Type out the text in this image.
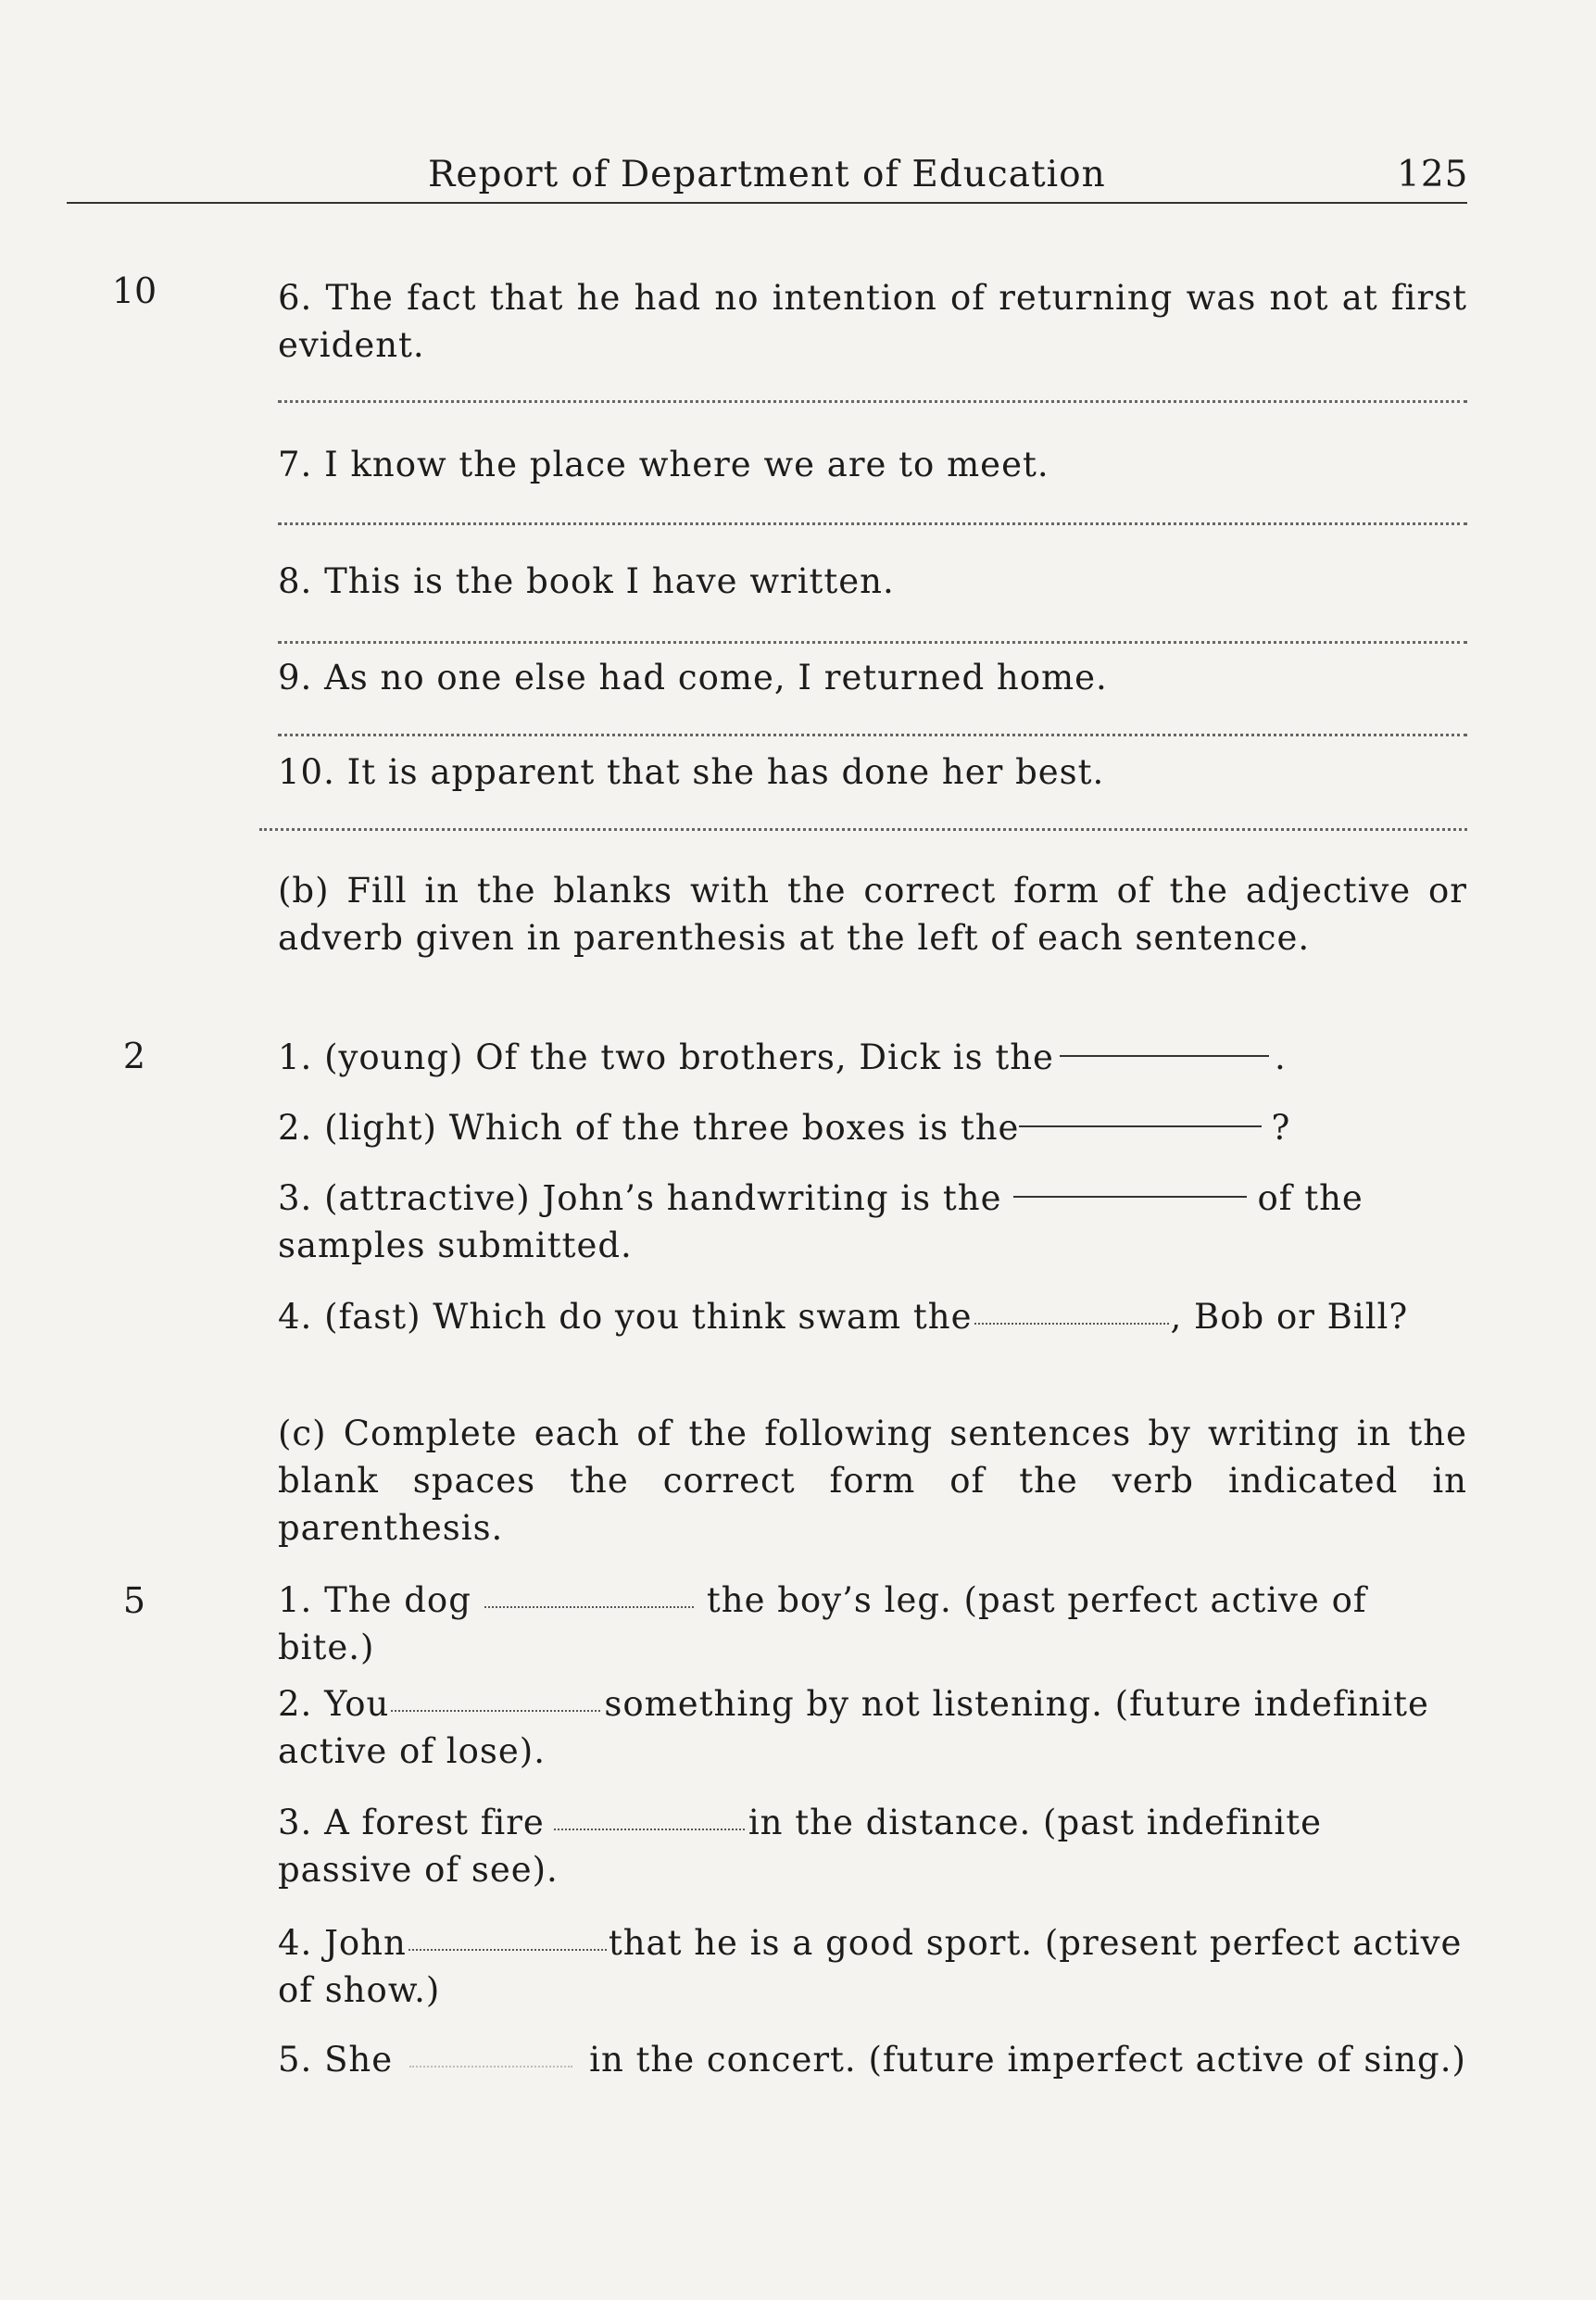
Report of Department of Education	125
10
2
5
6. The fact that he had no intention of returning was not at first evident.
7. I know the place where we are to meet.
8. This is the book I have written.
9. As no one else had come, I returned home.
10. It is apparent that she has done her best.
(b) Fill in the blanks with the correct form of the adjective or adverb given in parenthesis at the left of each sentence.
1. (young) Of the two brothers, Dick is the	.
2. (light) Which of the three boxes is the	?
3. (attractive) John’s handwriting is the	of the samples submitted.
4. (fast) Which do you think swam the	, Bob or Bill?
(c) Complete each of the following sentences by writing in the blank spaces the correct form of the verb indicated in parenthesis.
1. The dog	the boy’s leg. (past perfect active of bite.)
2. You	something by not listening. (future indefinite active of lose).
3. A forest fire	in the distance. (past indefinite passive of see).
4. John	that he is a good sport. (present perfect active of show.)
5. She	in the concert. (future imperfect active of sing.)
